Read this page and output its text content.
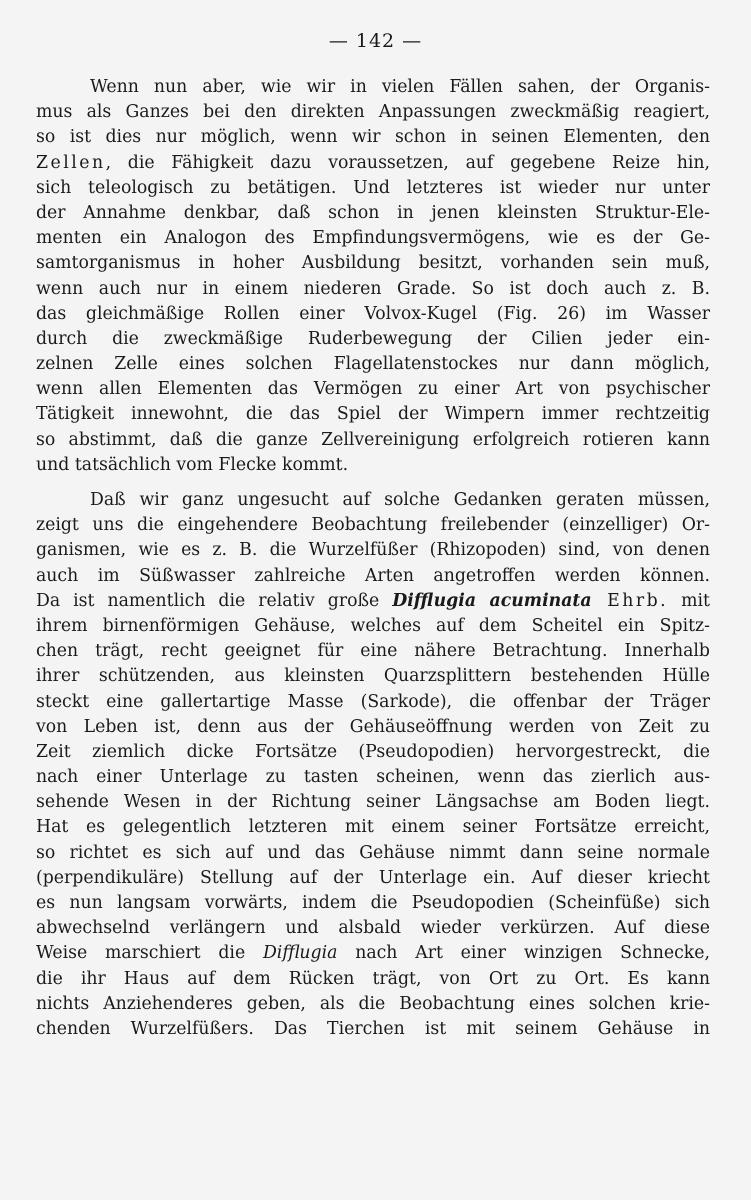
— 142 —
Wenn nun aber, wie wir in vielen Fällen sahen, der Organis-
mus als Ganzes bei den direkten Anpassungen zweckmäßig reagiert,
so ist dies nur möglich, wenn wir schon in seinen Elementen, den
Zellen, die Fähigkeit dazu voraussetzen, auf gegebene Reize hin,
sich teleologisch zu betätigen. Und letzteres ist wieder nur unter
der Annahme denkbar, daß schon in jenen kleinsten Struktur-Ele-
menten ein Analogon des Empfindungsvermögens, wie es der Ge-
samtorganismus in hoher Ausbildung besitzt, vorhanden sein muß,
wenn auch nur in einem niederen Grade. So ist doch auch z. B.
das gleichmäßige Rollen einer Volvox-Kugel (Fig. 26) im Wasser
durch die zweckmäßige Ruderbewegung der Cilien jeder ein-
zelnen Zelle eines solchen Flagellatenstockes nur dann möglich,
wenn allen Elementen das Vermögen zu einer Art von psychischer
Tätigkeit innewohnt, die das Spiel der Wimpern immer rechtzeitig
so abstimmt, daß die ganze Zellvereinigung erfolgreich rotieren kann
und tatsächlich vom Flecke kommt.
Daß wir ganz ungesucht auf solche Gedanken geraten müssen,
zeigt uns die eingehendere Beobachtung freilebender (einzelliger) Or-
ganismen, wie es z. B. die Wurzelfüßer (Rhizopoden) sind, von denen
auch im Süßwasser zahlreiche Arten angetroffen werden können.
Da ist namentlich die relativ große Difflugia acuminata Ehrb. mit
ihrem birnenförmigen Gehäuse, welches auf dem Scheitel ein Spitz-
chen trägt, recht geeignet für eine nähere Betrachtung. Innerhalb
ihrer schützenden, aus kleinsten Quarzsplittern bestehenden Hülle
steckt eine gallertartige Masse (Sarkode), die offenbar der Träger
von Leben ist, denn aus der Gehäuseöffnung werden von Zeit zu
Zeit ziemlich dicke Fortsätze (Pseudopodien) hervorgestreckt, die
nach einer Unterlage zu tasten scheinen, wenn das zierlich aus-
sehende Wesen in der Richtung seiner Längsachse am Boden liegt.
Hat es gelegentlich letzteren mit einem seiner Fortsätze erreicht,
so richtet es sich auf und das Gehäuse nimmt dann seine normale
(perpendikuläre) Stellung auf der Unterlage ein. Auf dieser kriecht
es nun langsam vorwärts, indem die Pseudopodien (Scheinfüße) sich
abwechselnd verlängern und alsbald wieder verkürzen. Auf diese
Weise marschiert die Difflugia nach Art einer winzigen Schnecke,
die ihr Haus auf dem Rücken trägt, von Ort zu Ort. Es kann
nichts Anziehenderes geben, als die Beobachtung eines solchen krie-
chenden Wurzelfüßers. Das Tierchen ist mit seinem Gehäuse in
